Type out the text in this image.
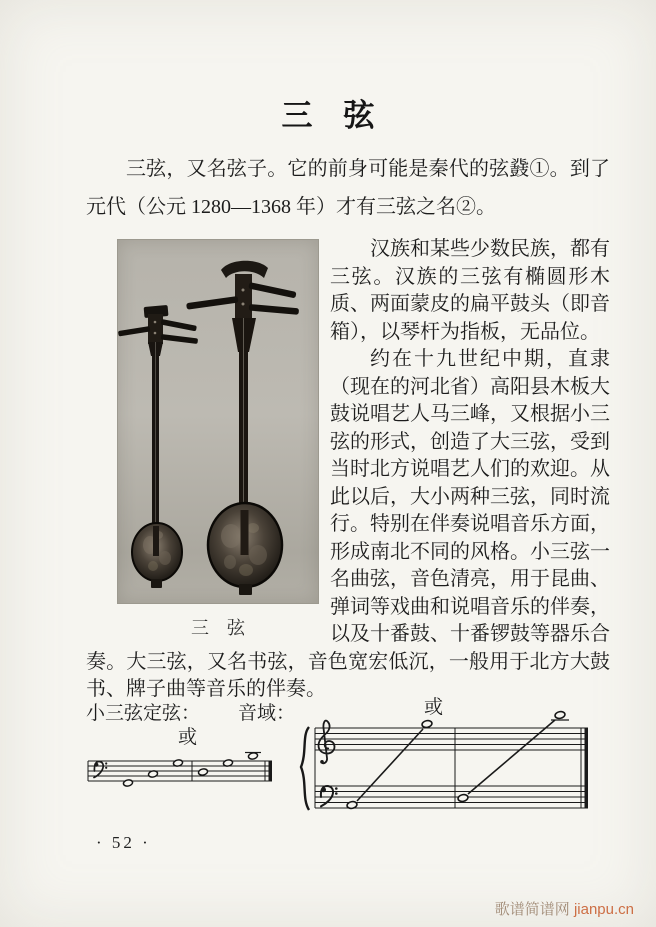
三　弦

三弦，又名弦子。它的前身可能是秦代的弦鼗①。到了元代（公元 1280—1368 年）才有三弦之名②。

三　弦

汉族和某些少数民族，都有三弦。汉族的三弦有椭圆形木质、两面蒙皮的扁平鼓头（即音箱），以琴杆为指板，无品位。

约在十九世纪中期，直隶（现在的河北省）高阳县木板大鼓说唱艺人马三峰，又根据小三弦的形式，创造了大三弦，受到当时北方说唱艺人们的欢迎。从此以后，大小两种三弦，同时流行。特别在伴奏说唱音乐方面，形成南北不同的风格。小三弦一名曲弦，音色清亮，用于昆曲、弹词等戏曲和说唱音乐的伴奏，以及十番鼓、十番锣鼓等器乐合奏。大三弦，又名书弦，音色宽宏低沉，一般用于北方大鼓书、牌子曲等音乐的伴奏。

小三弦定弦： 音域：	或
或
· 52 ·
歌谱简谱网 jianpu.cn
